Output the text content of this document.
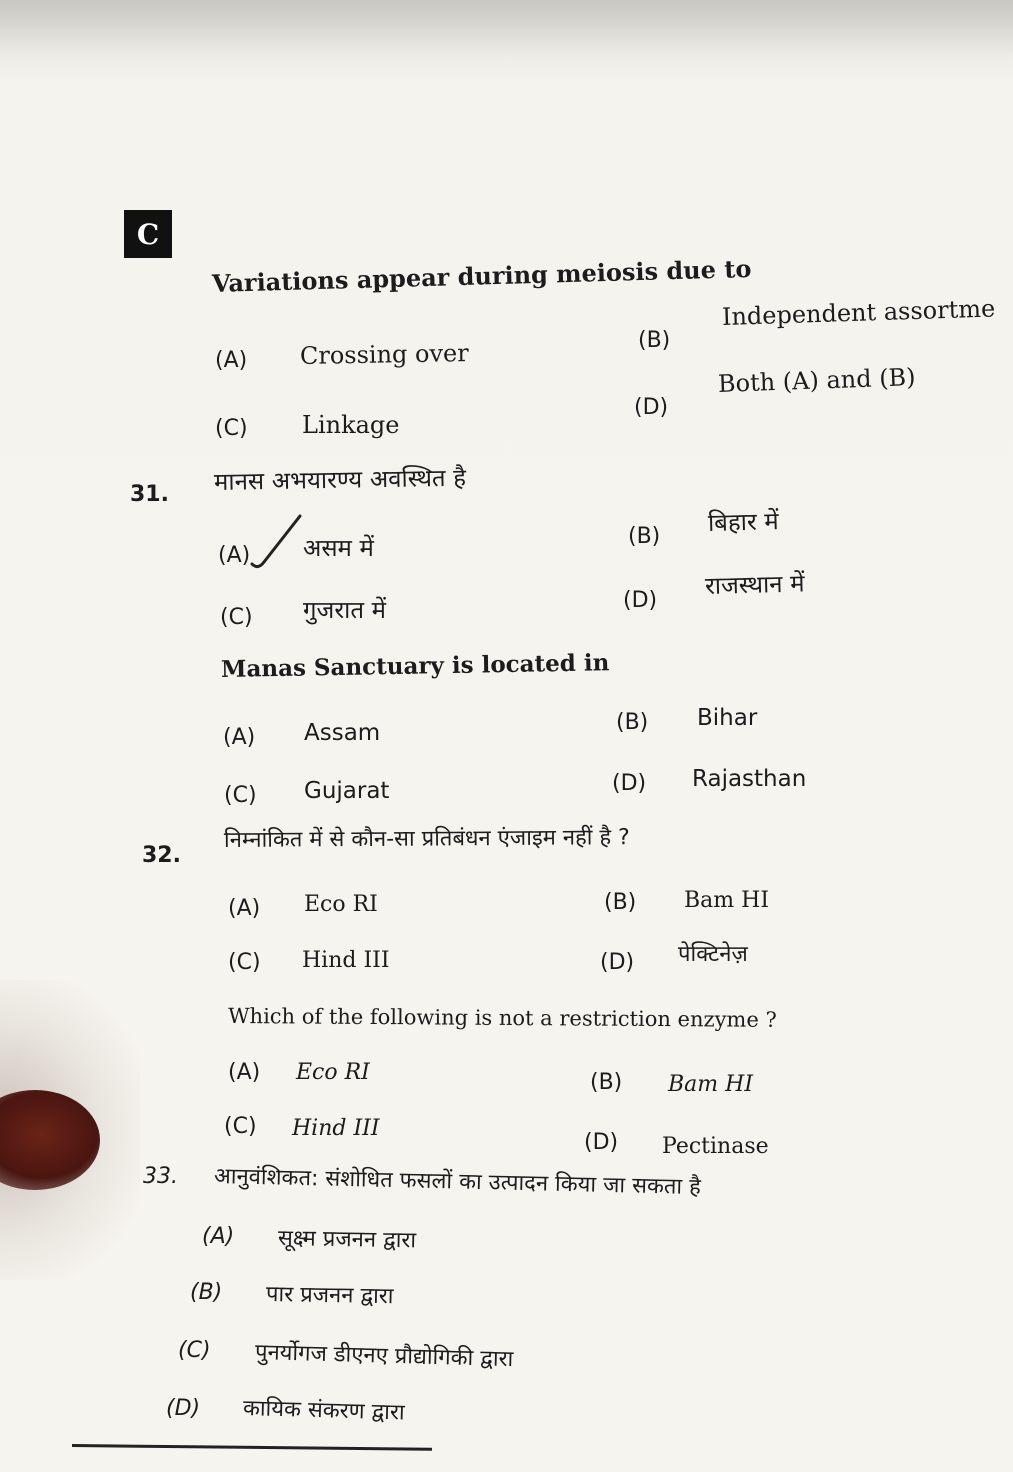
C
Variations appear during meiosis due to
(A) Crossing over	(B)
Independent assortme
(C) Linkage
(D)
Both (A) and (B)
31. मानस अभयारण्य अवस्थित है
(A) असम में	(B) बिहार में
(C) गुजरात में	(D)
राजस्थान में
Manas Sanctuary is located in
(A) Assam	(B) Bihar
(C) Gujarat	(D) Rajasthan
32.
निम्नांकित में से कौन-सा प्रतिबंधन एंजाइम नहीं है ?
(A) Eco RI	(B) Bam HI
(C) Hind III	(D) पेक्टिनेज़
Which of the following is not a restriction enzyme ?
(A) Eco RI	(B) Bam HI
(C) Hind III
(D) Pectinase
33. आनुवंशिकत: संशोधित फसलों का उत्पादन किया जा सकता है
(A) सूक्ष्म प्रजनन द्वारा
(B) पार प्रजनन द्वारा
(C) पुनर्योगज डीएनए प्रौद्योगिकी द्वारा
(D) कायिक संकरण द्वारा
